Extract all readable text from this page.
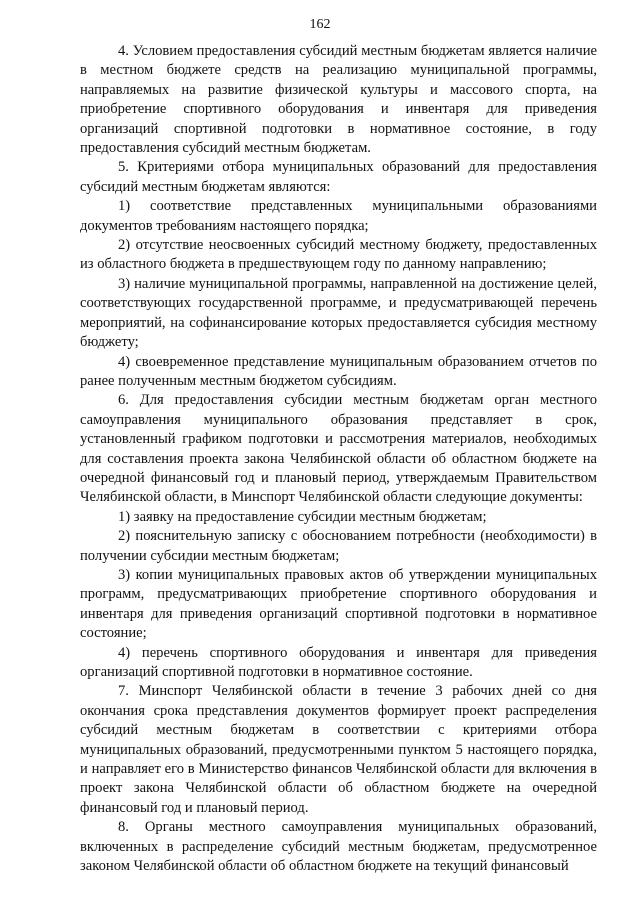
162

4. Условием предоставления субсидий местным бюджетам является наличие в местном бюджете средств на реализацию муниципальной программы, направляемых на развитие физической культуры и массового спорта, на приобретение спортивного оборудования и инвентаря для приведения организаций спортивной подготовки в нормативное состояние, в году предоставления субсидий местным бюджетам.

5. Критериями отбора муниципальных образований для предоставления субсидий местным бюджетам являются:

1) соответствие представленных муниципальными образованиями документов требованиям настоящего порядка;

2) отсутствие неосвоенных субсидий местному бюджету, предоставленных из областного бюджета в предшествующем году по данному направлению;

3) наличие муниципальной программы, направленной на достижение целей, соответствующих государственной программе, и предусматривающей перечень мероприятий, на софинансирование которых предоставляется субсидия местному бюджету;

4) своевременное представление муниципальным образованием отчетов по ранее полученным местным бюджетом субсидиям.

6. Для предоставления субсидии местным бюджетам орган местного самоуправления муниципального образования представляет в срок, установленный графиком подготовки и рассмотрения материалов, необходимых для составления проекта закона Челябинской области об областном бюджете на очередной финансовый год и плановый период, утверждаемым Правительством Челябинской области, в Минспорт Челябинской области следующие документы:

1) заявку на предоставление субсидии местным бюджетам;

2) пояснительную записку с обоснованием потребности (необходимости) в получении субсидии местным бюджетам;

3) копии муниципальных правовых актов об утверждении муниципальных программ, предусматривающих приобретение спортивного оборудования и инвентаря для приведения организаций спортивной подготовки в нормативное состояние;

4) перечень спортивного оборудования и инвентаря для приведения организаций спортивной подготовки в нормативное состояние.

7. Минспорт Челябинской области в течение 3 рабочих дней со дня окончания срока представления документов формирует проект распределения субсидий местным бюджетам в соответствии с критериями отбора муниципальных образований, предусмотренными пунктом 5 настоящего порядка, и направляет его в Министерство финансов Челябинской области для включения в проект закона Челябинской области об областном бюджете на очередной финансовый год и плановый период.

8. Органы местного самоуправления муниципальных образований, включенных в распределение субсидий местным бюджетам, предусмотренное законом Челябинской области об областном бюджете на текущий финансовый
